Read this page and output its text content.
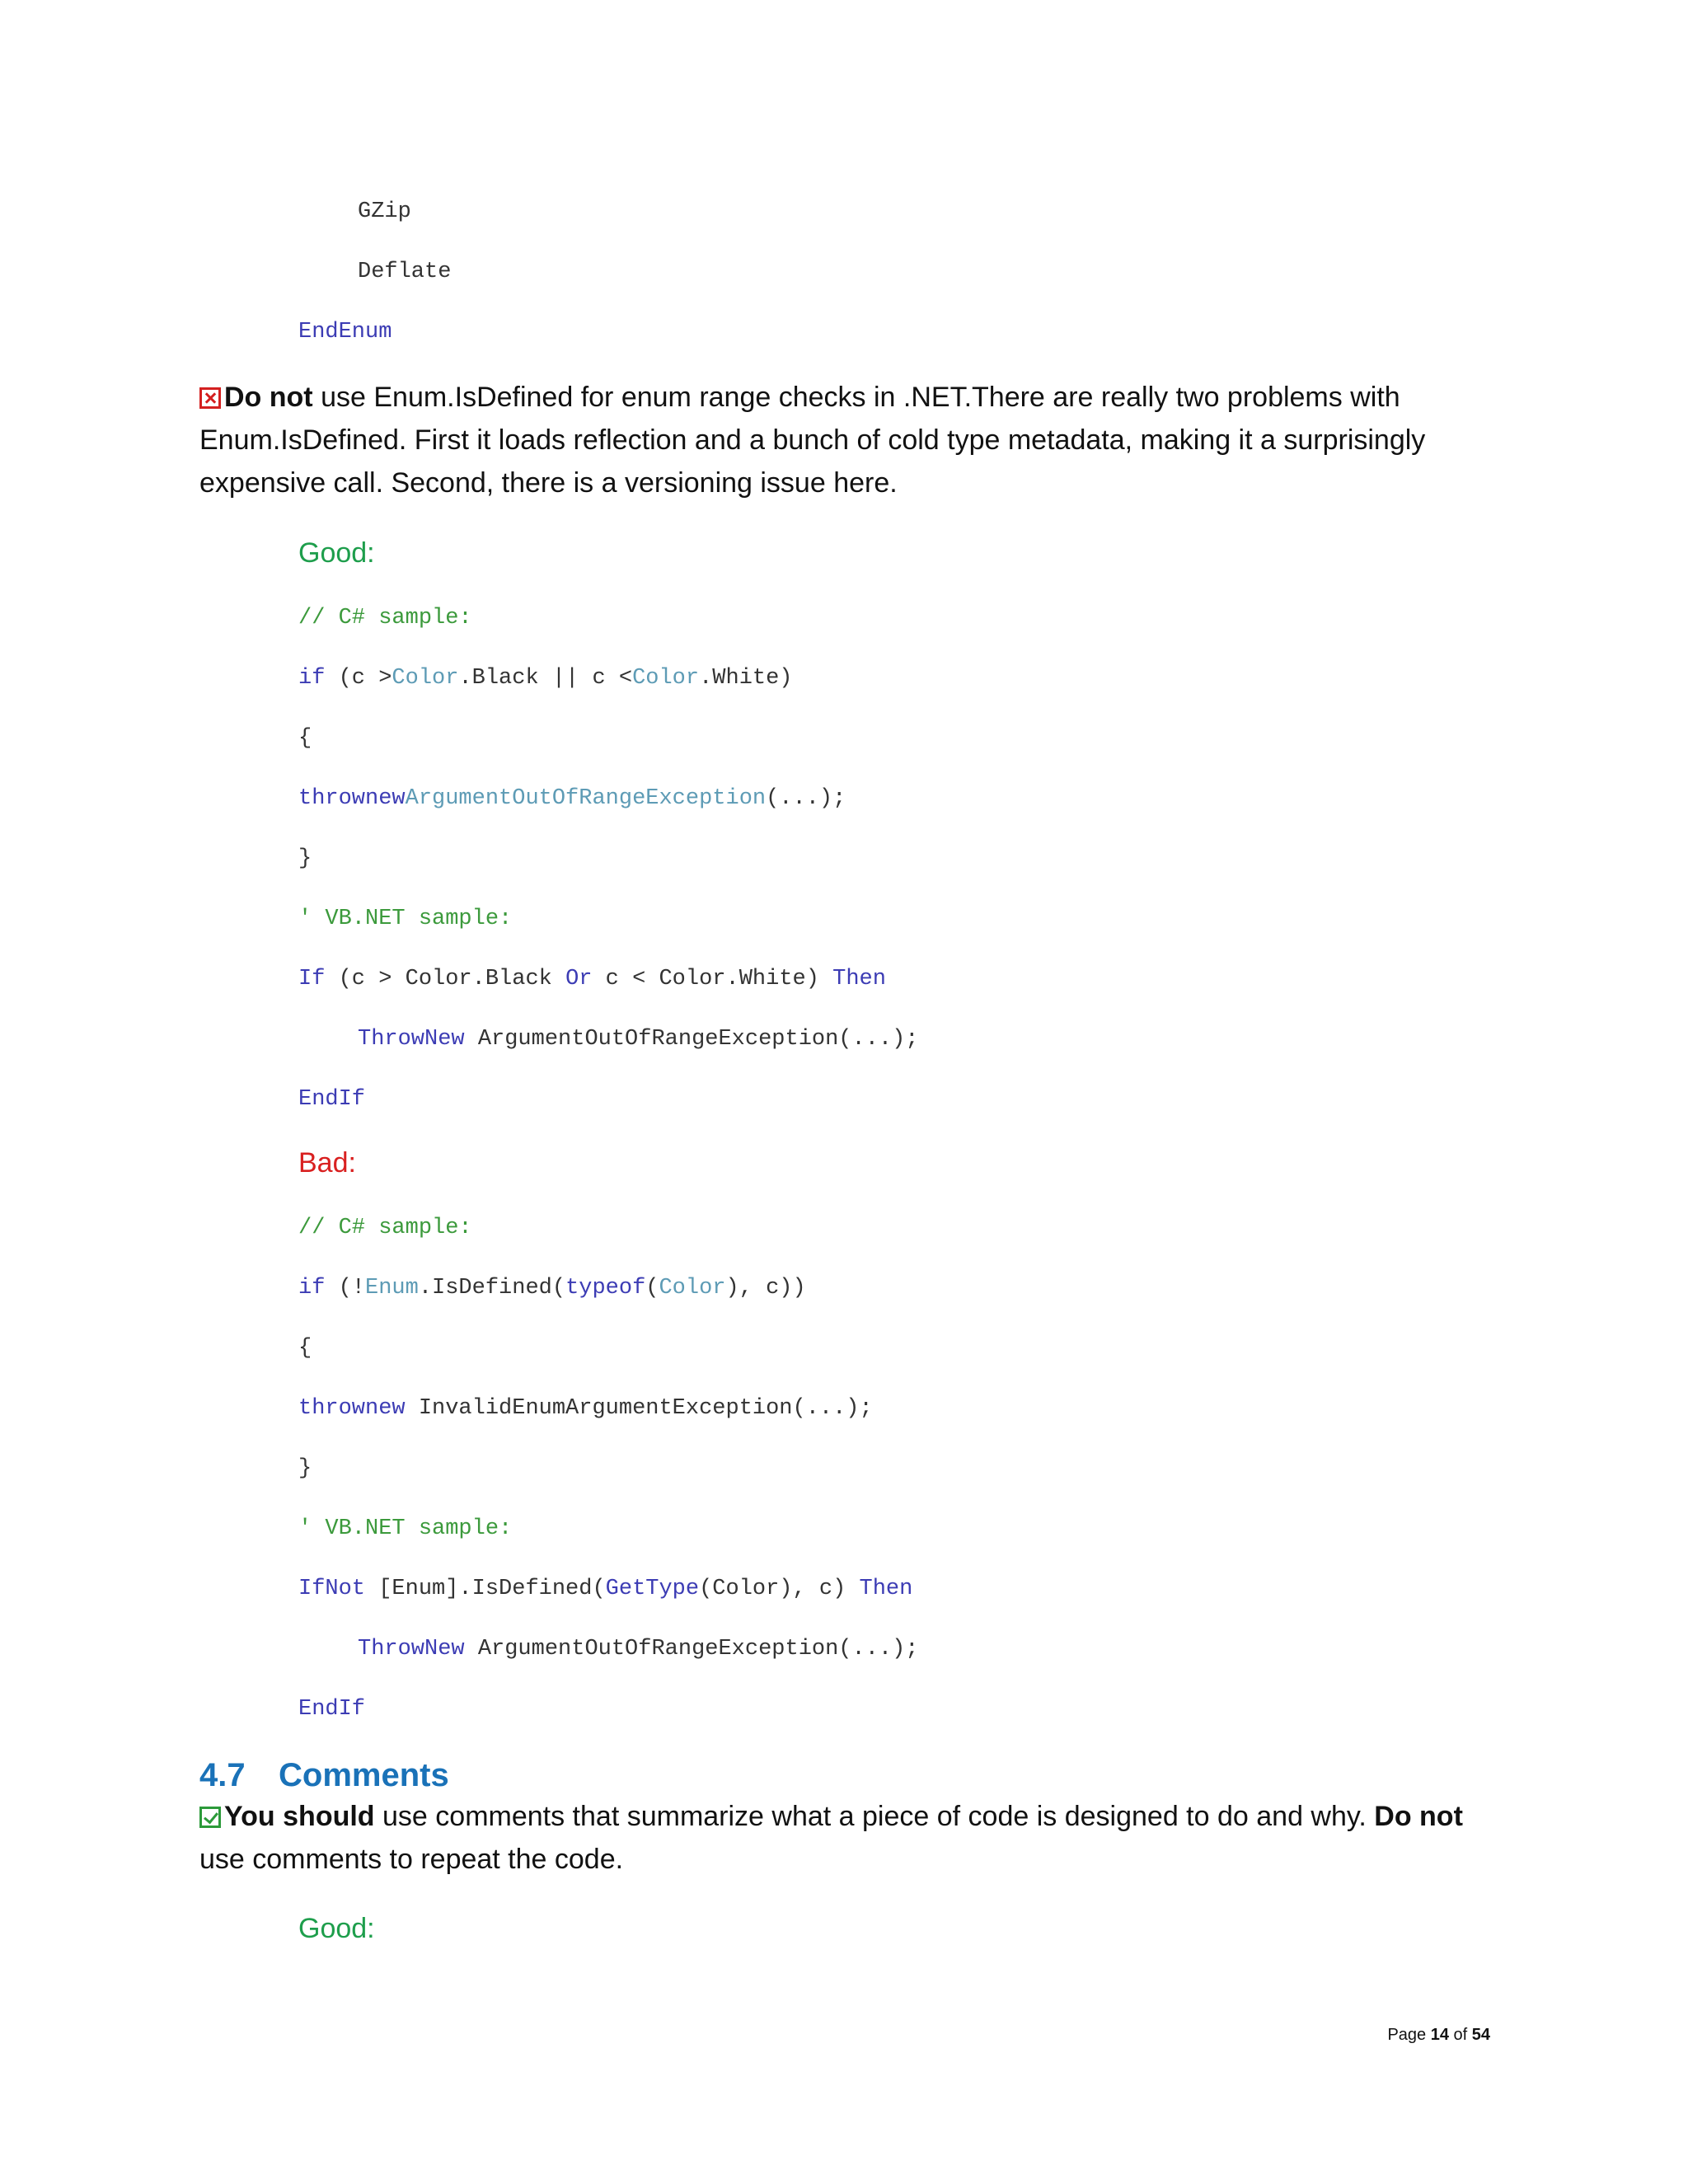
GZip
Deflate
EndEnum
Do not use Enum.IsDefined for enum range checks in .NET.There are really two problems with Enum.IsDefined. First it loads reflection and a bunch of cold type metadata, making it a surprisingly expensive call. Second, there is a versioning issue here.
Good:
// C# sample:
if (c >Color.Black || c <Color.White)
{
thrownewArgumentOutOfRangeException(...);
}
' VB.NET sample:
If (c > Color.Black Or c < Color.White) Then
ThrowNew ArgumentOutOfRangeException(...);
EndIf
Bad:
// C# sample:
if (!Enum.IsDefined(typeof(Color), c))
{
thrownew InvalidEnumArgumentException(...);
}
' VB.NET sample:
IfNot [Enum].IsDefined(GetType(Color), c) Then
ThrowNew ArgumentOutOfRangeException(...);
EndIf
4.7 Comments
You should use comments that summarize what a piece of code is designed to do and why. Do not use comments to repeat the code.
Good:
Page 14 of 54
